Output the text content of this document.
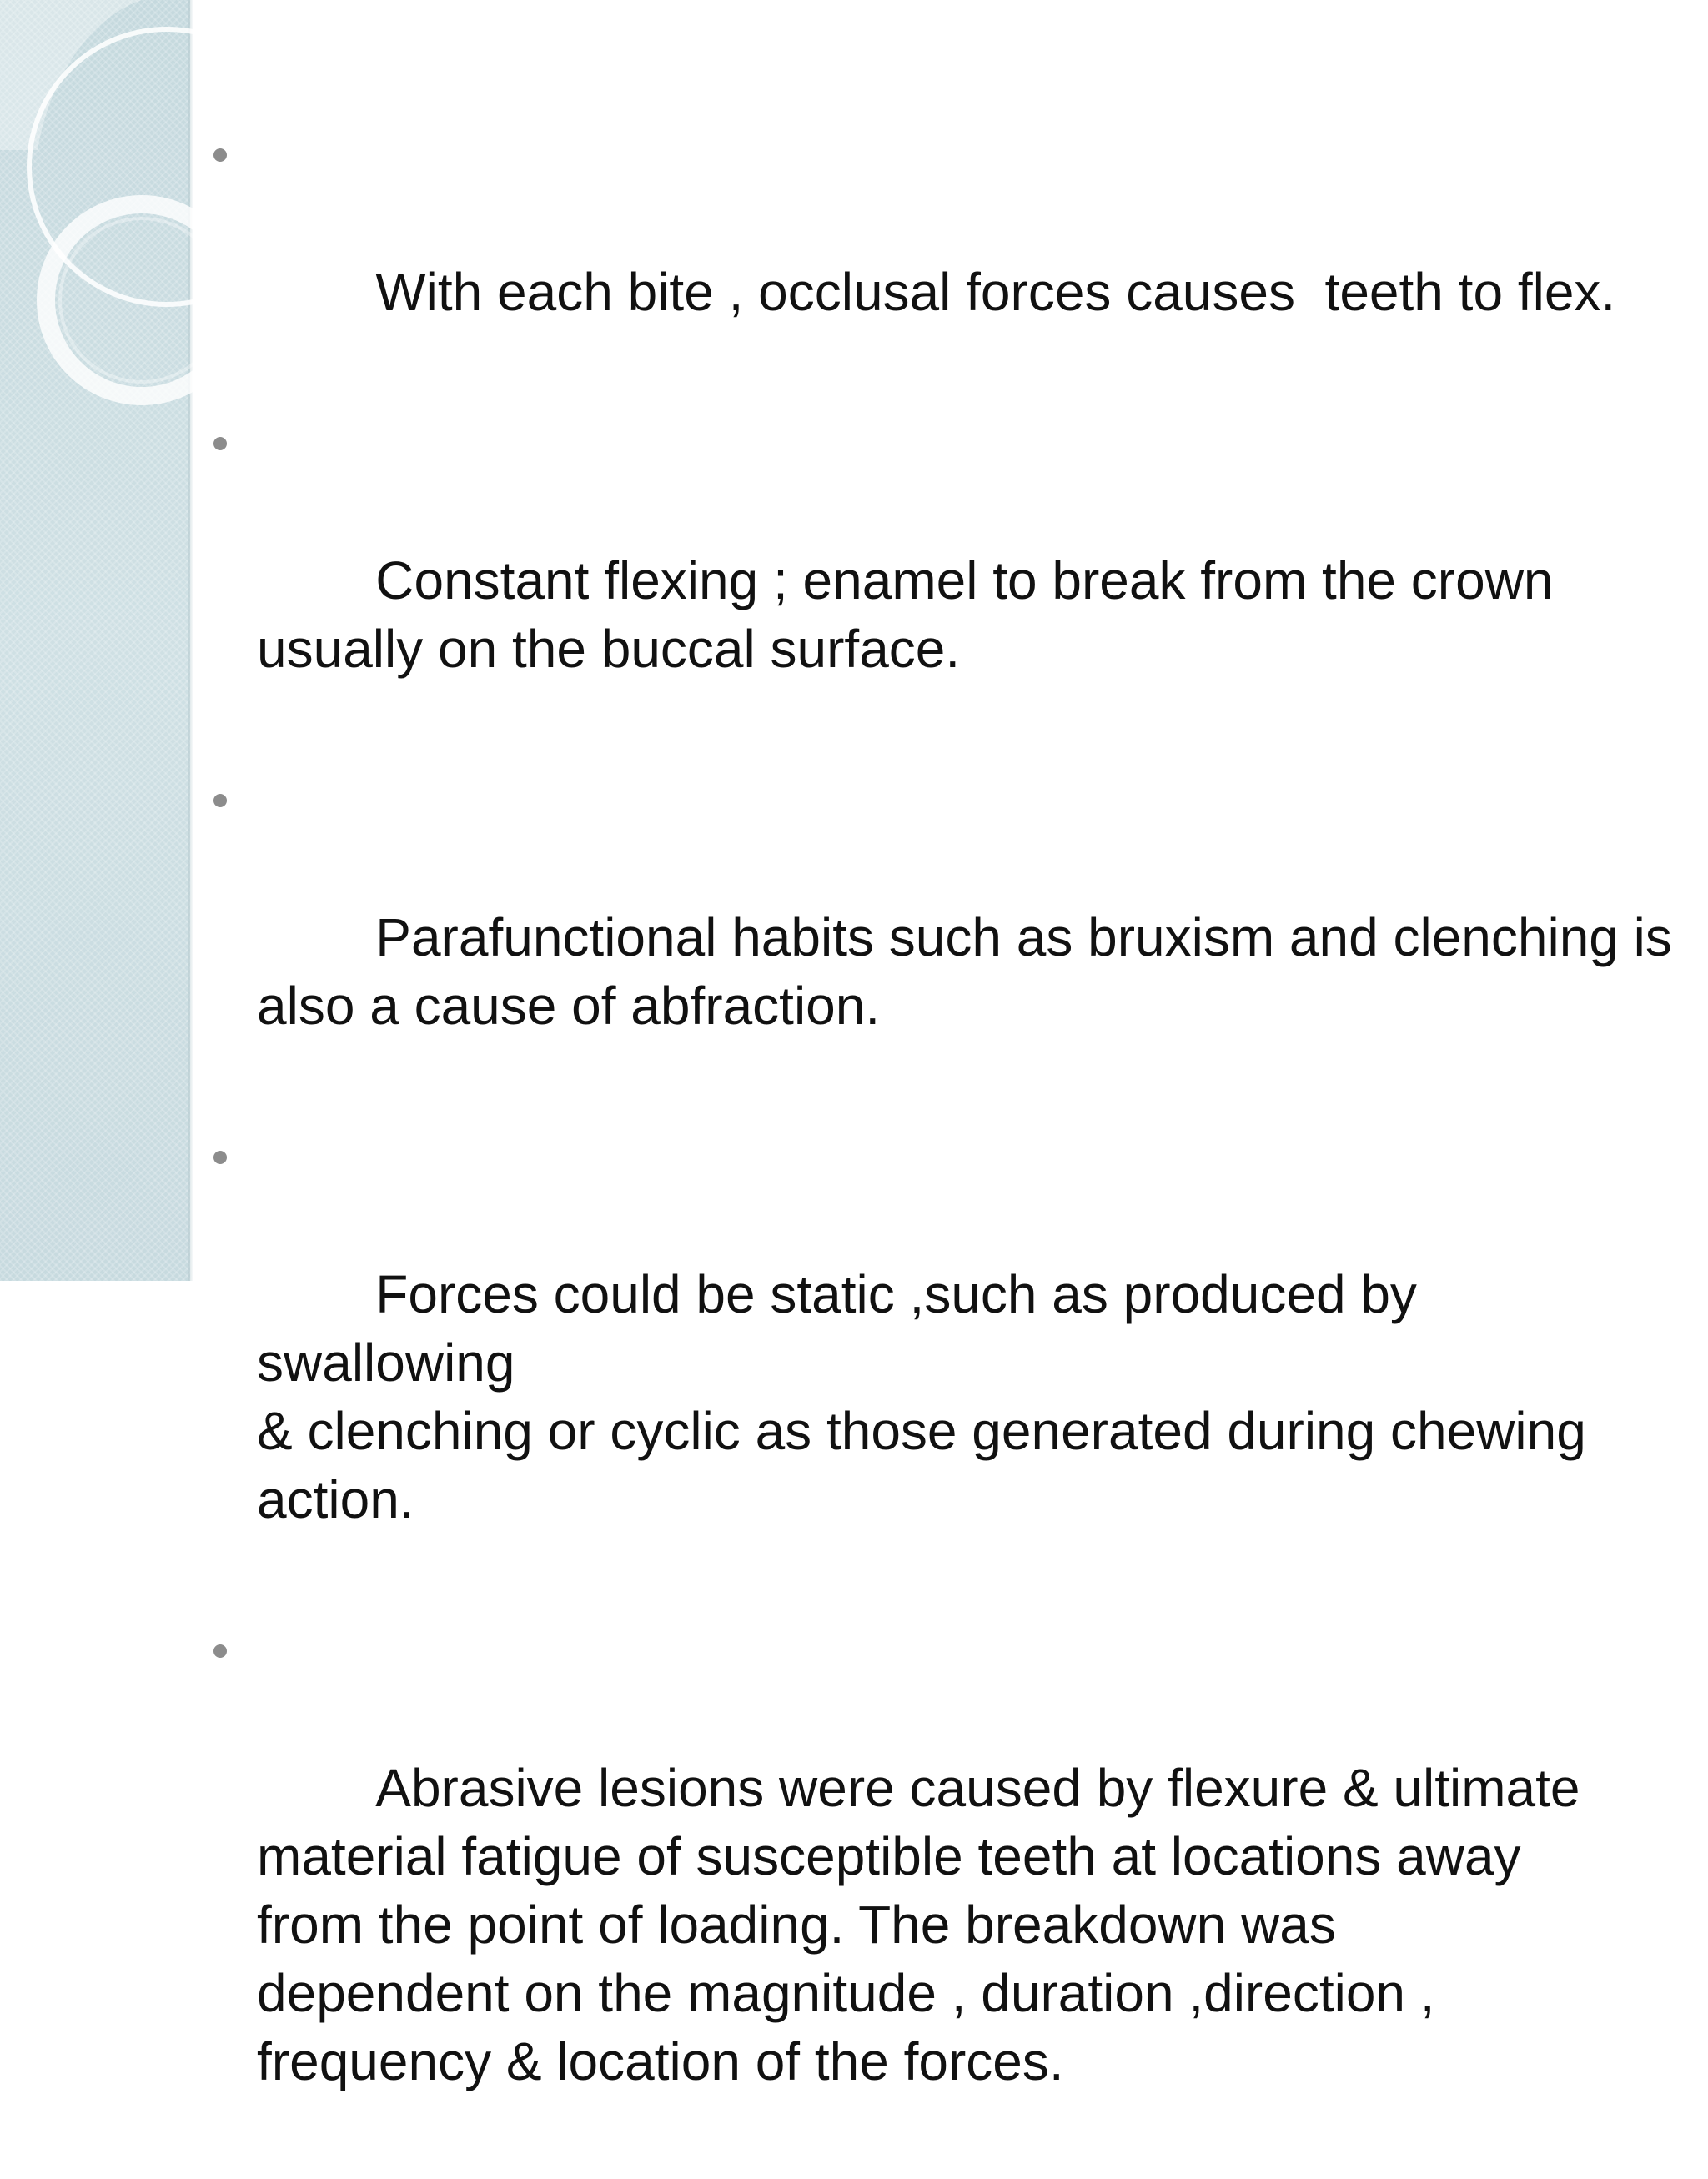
With each bite , occlusal forces causes  teeth to flex.

Constant flexing ; enamel to break from the crown
usually on the buccal surface.

Parafunctional habits such as bruxism and clenching is
also a cause of abfraction.

Forces could be static ,such as produced by swallowing
& clenching or cyclic as those generated during chewing
action.

Abrasive lesions were caused by flexure & ultimate
material fatigue of susceptible teeth at locations away
from the point of loading. The breakdown was
dependent on the magnitude , duration ,direction ,
frequency & location of the forces.
